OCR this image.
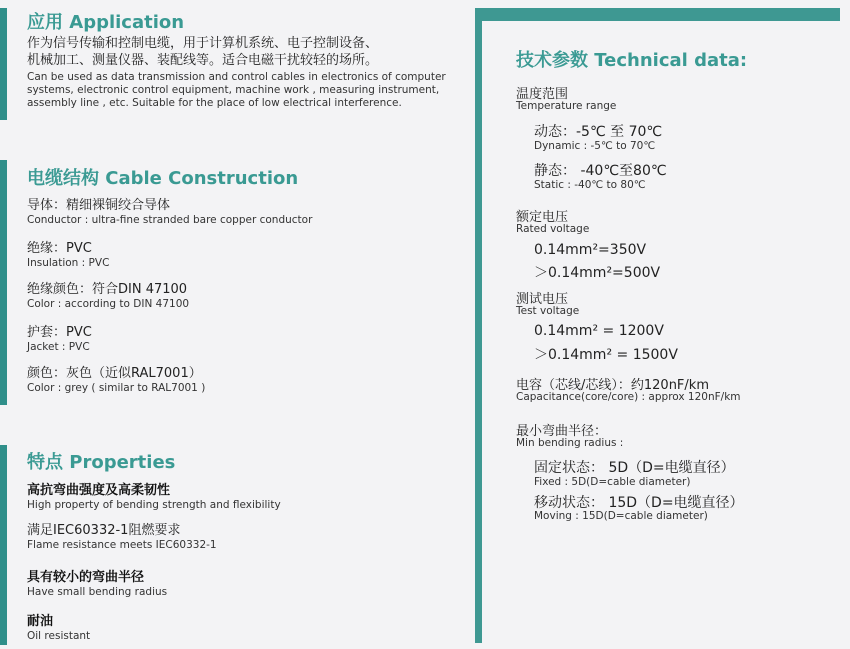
应用 Application
作为信号传输和控制电缆，用于计算机系统、电子控制设备、
机械加工、测量仪器、装配线等。适合电磁干扰较轻的场所。
Can be used as data transmission and control cables in electronics of computer
systems, electronic control equipment, machine work , measuring instrument,
assembly line , etc. Suitable for the place of low electrical interference.
电缆结构 Cable Construction
导体：精细裸铜绞合导体
Conductor : ultra-fine stranded bare copper conductor
绝缘：PVC
Insulation : PVC
绝缘颜色：符合DIN 47100
Color : according to DIN 47100
护套：PVC
Jacket : PVC
颜色：灰色（近似RAL7001）
Color : grey ( similar to RAL7001 )
特点 Properties
高抗弯曲强度及高柔韧性
High property of bending strength and flexibility
满足IEC60332-1阻燃要求
Flame resistance meets IEC60332-1
具有较小的弯曲半径
Have small bending radius
耐油
Oil resistant
技术参数 Technical data:
温度范围
Temperature range
动态：-5℃ 至 70℃
Dynamic : -5℃ to 70℃
静态： -40℃至80℃
Static : -40℃ to 80℃
额定电压
Rated voltage
0.14mm²=350V
＞0.14mm²=500V
测试电压
Test voltage
0.14mm² = 1200V
＞0.14mm² = 1500V
电容（芯线/芯线）：约120nF/km
Capacitance(core/core) : approx 120nF/km
最小弯曲半径：
Min bending radius :
固定状态： 5D（D=电缆直径）
Fixed : 5D(D=cable diameter)
移动状态： 15D（D=电缆直径）
Moving : 15D(D=cable diameter)
